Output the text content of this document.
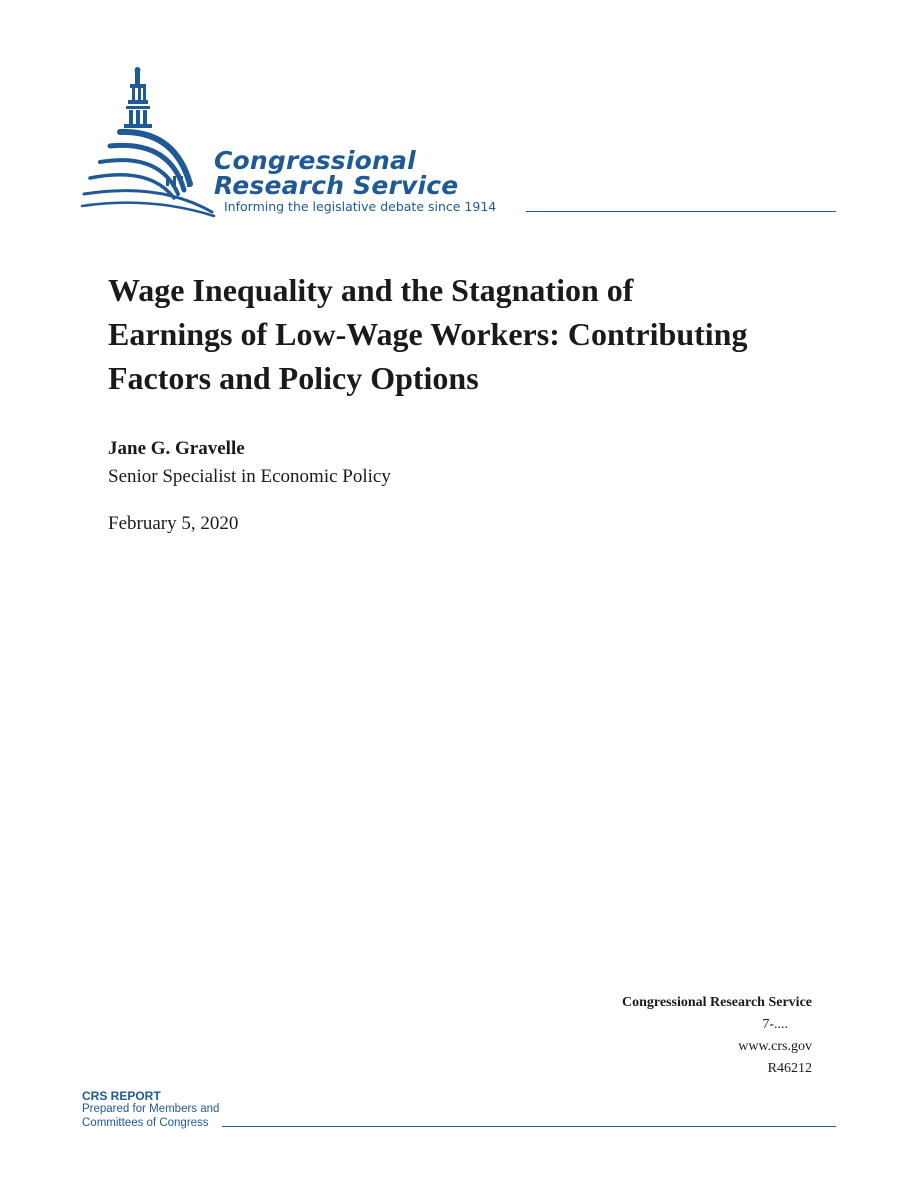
Congressional
Research Service
Informing the legislative debate since 1914
Wage Inequality and the Stagnation of
Earnings of Low-Wage Workers: Contributing
Factors and Policy Options
Jane G. Gravelle
Senior Specialist in Economic Policy
February 5, 2020
Congressional Research Service
7-....
www.crs.gov
R46212
CRS REPORT
Prepared for Members and
Committees of Congress
